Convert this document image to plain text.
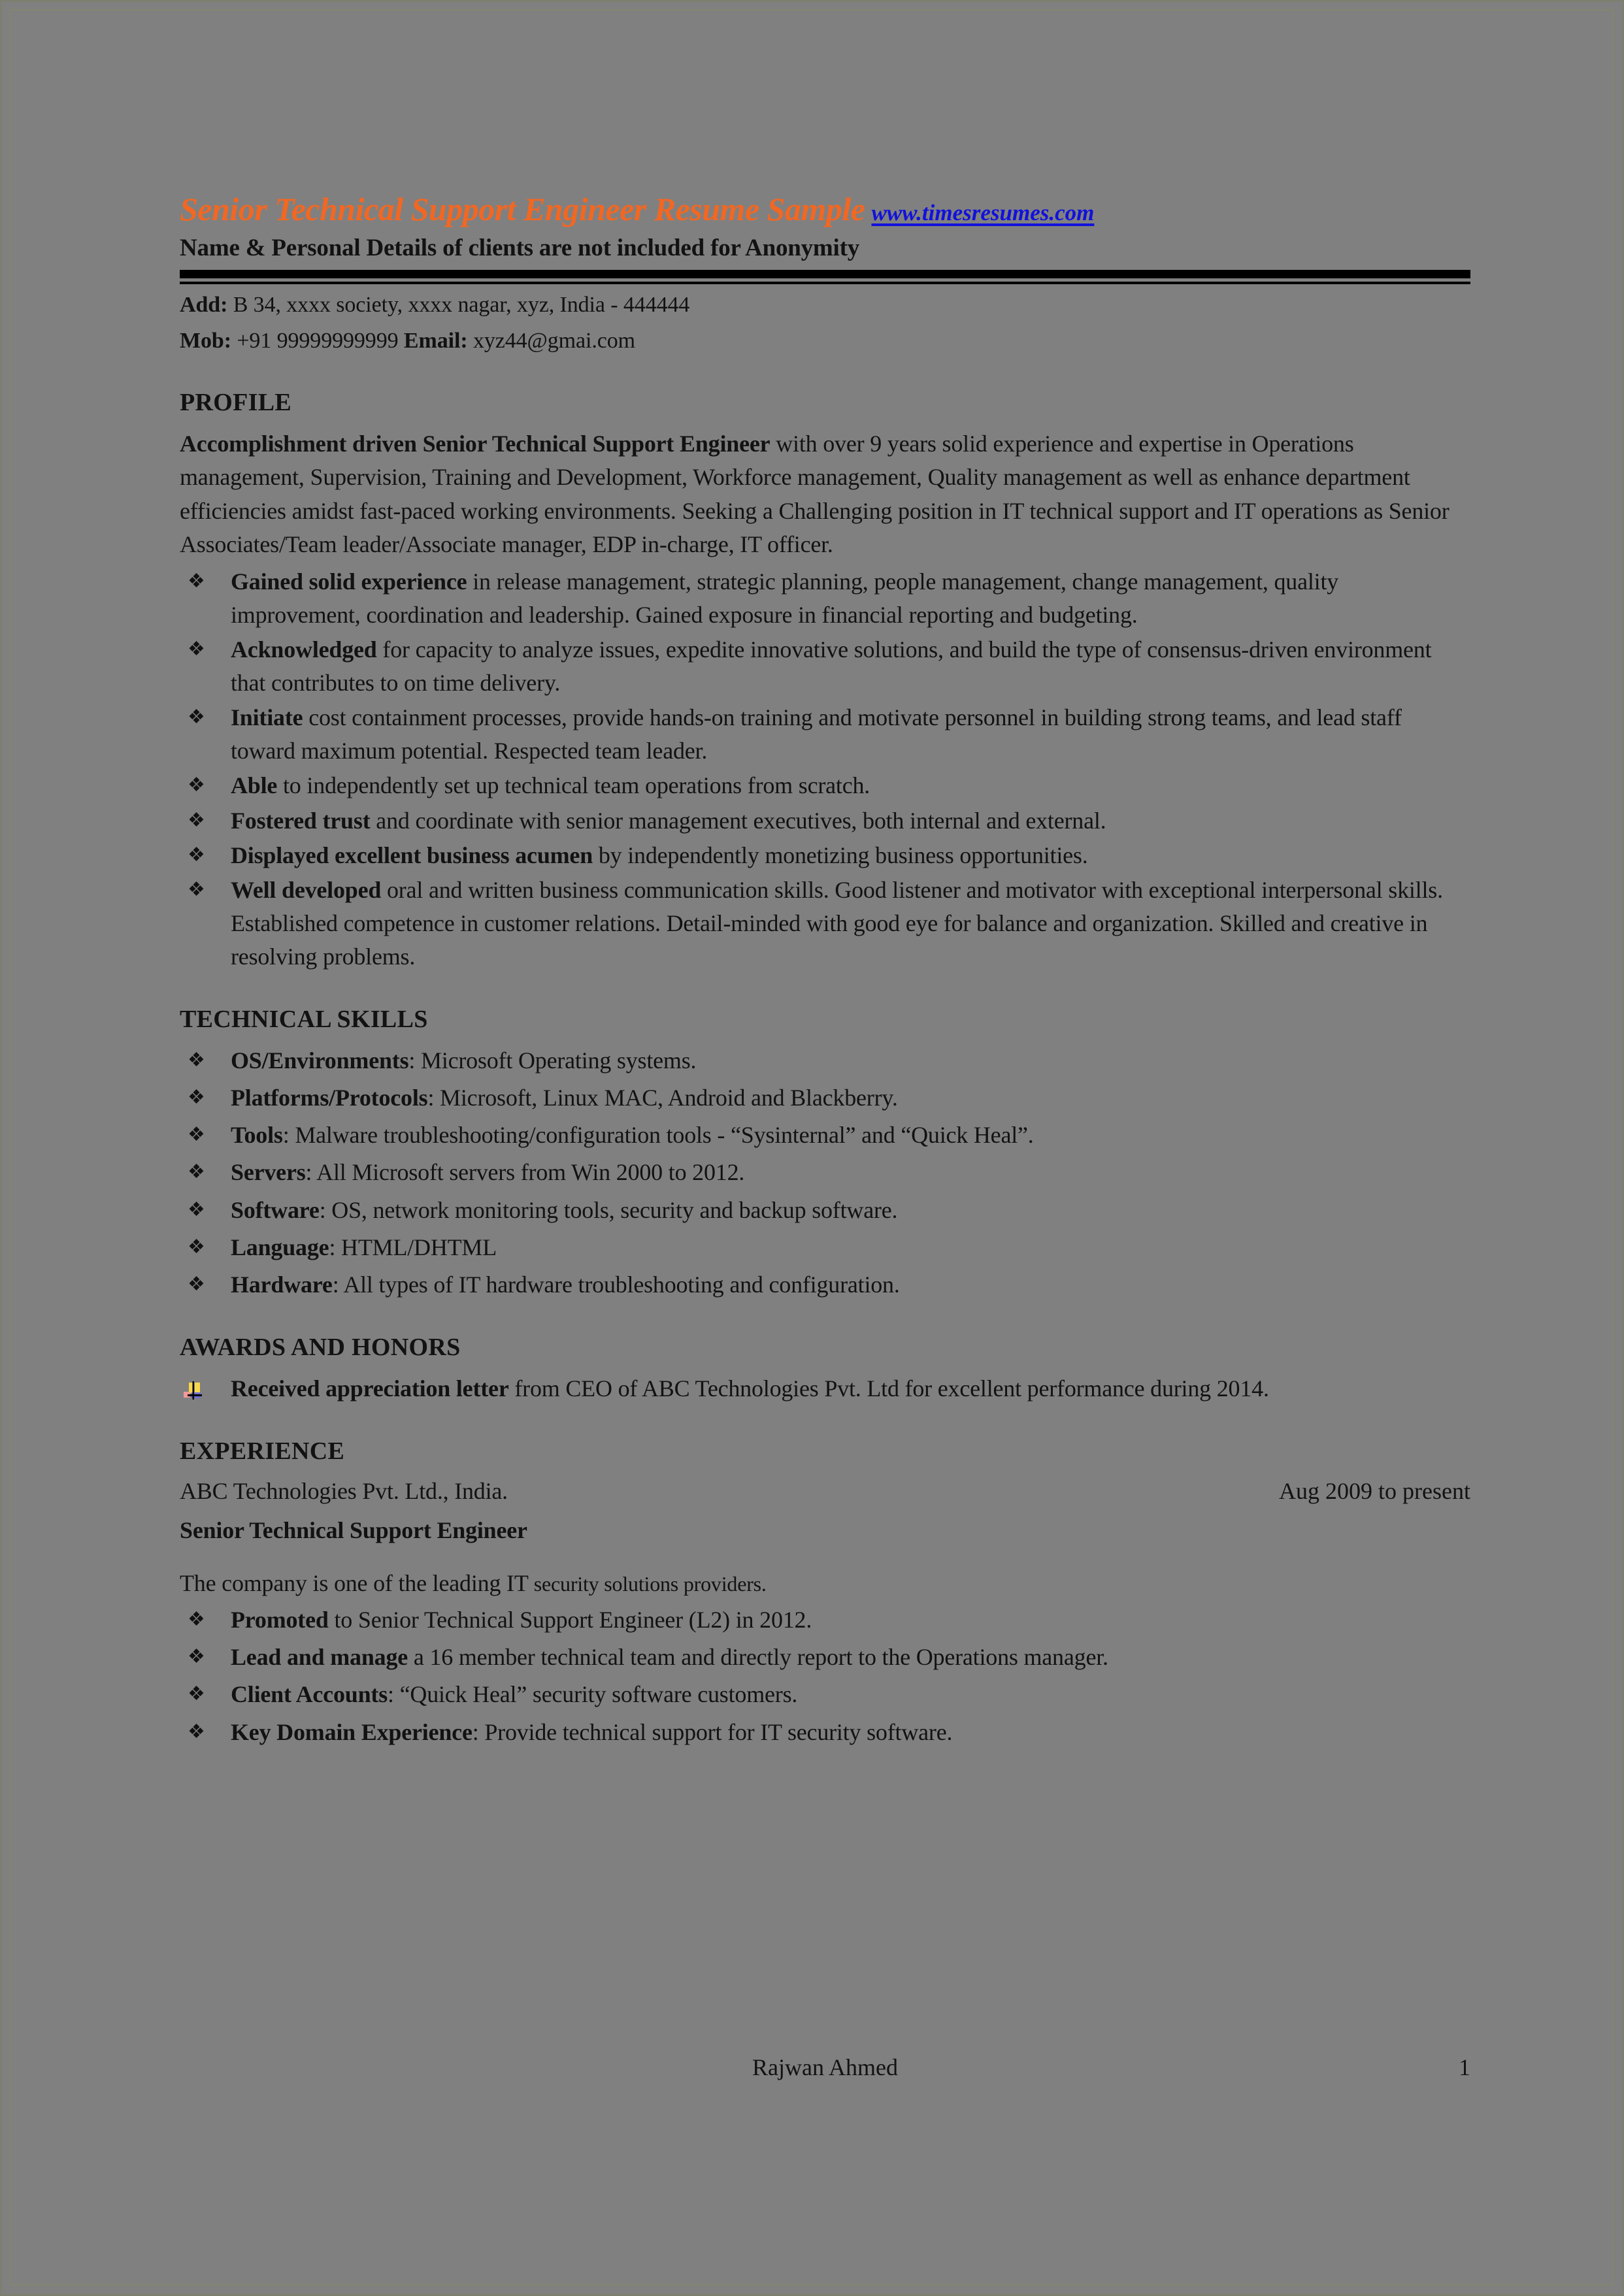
Senior Technical Support Engineer Resume Sample www.timesresumes.com
Name & Personal Details of clients are not included for Anonymity
Add: B 34, xxxx society, xxxx nagar, xyz, India - 444444
Mob: +91 99999999999 Email: xyz44@gmai.com
PROFILE
Accomplishment driven Senior Technical Support Engineer with over 9 years solid experience and expertise in Operations management, Supervision, Training and Development, Workforce management, Quality management as well as enhance department efficiencies amidst fast-paced working environments. Seeking a Challenging position in IT technical support and IT operations as Senior Associates/Team leader/Associate manager, EDP in-charge, IT officer.
❖ Gained solid experience in release management, strategic planning, people management, change management, quality improvement, coordination and leadership. Gained exposure in financial reporting and budgeting.
❖ Acknowledged for capacity to analyze issues, expedite innovative solutions, and build the type of consensus-driven environment that contributes to on time delivery.
❖ Initiate cost containment processes, provide hands-on training and motivate personnel in building strong teams, and lead staff toward maximum potential. Respected team leader.
❖ Able to independently set up technical team operations from scratch.
❖ Fostered trust and coordinate with senior management executives, both internal and external.
❖ Displayed excellent business acumen by independently monetizing business opportunities.
❖ Well developed oral and written business communication skills. Good listener and motivator with exceptional interpersonal skills. Established competence in customer relations. Detail-minded with good eye for balance and organization. Skilled and creative in resolving problems.
TECHNICAL SKILLS
❖ OS/Environments: Microsoft Operating systems.
❖ Platforms/Protocols: Microsoft, Linux MAC, Android and Blackberry.
❖ Tools: Malware troubleshooting/configuration tools - “Sysinternal” and “Quick Heal”.
❖ Servers: All Microsoft servers from Win 2000 to 2012.
❖ Software: OS, network monitoring tools, security and backup software.
❖ Language: HTML/DHTML
❖ Hardware: All types of IT hardware troubleshooting and configuration.
AWARDS AND HONORS
Received appreciation letter from CEO of ABC Technologies Pvt. Ltd for excellent performance during 2014.
EXPERIENCE
ABC Technologies Pvt. Ltd., India.	Aug 2009 to present
Senior Technical Support Engineer
The company is one of the leading IT security solutions providers.
❖ Promoted to Senior Technical Support Engineer (L2) in 2012.
❖ Lead and manage a 16 member technical team and directly report to the Operations manager.
❖ Client Accounts: “Quick Heal” security software customers.
❖ Key Domain Experience: Provide technical support for IT security software.
Rajwan Ahmed	1
